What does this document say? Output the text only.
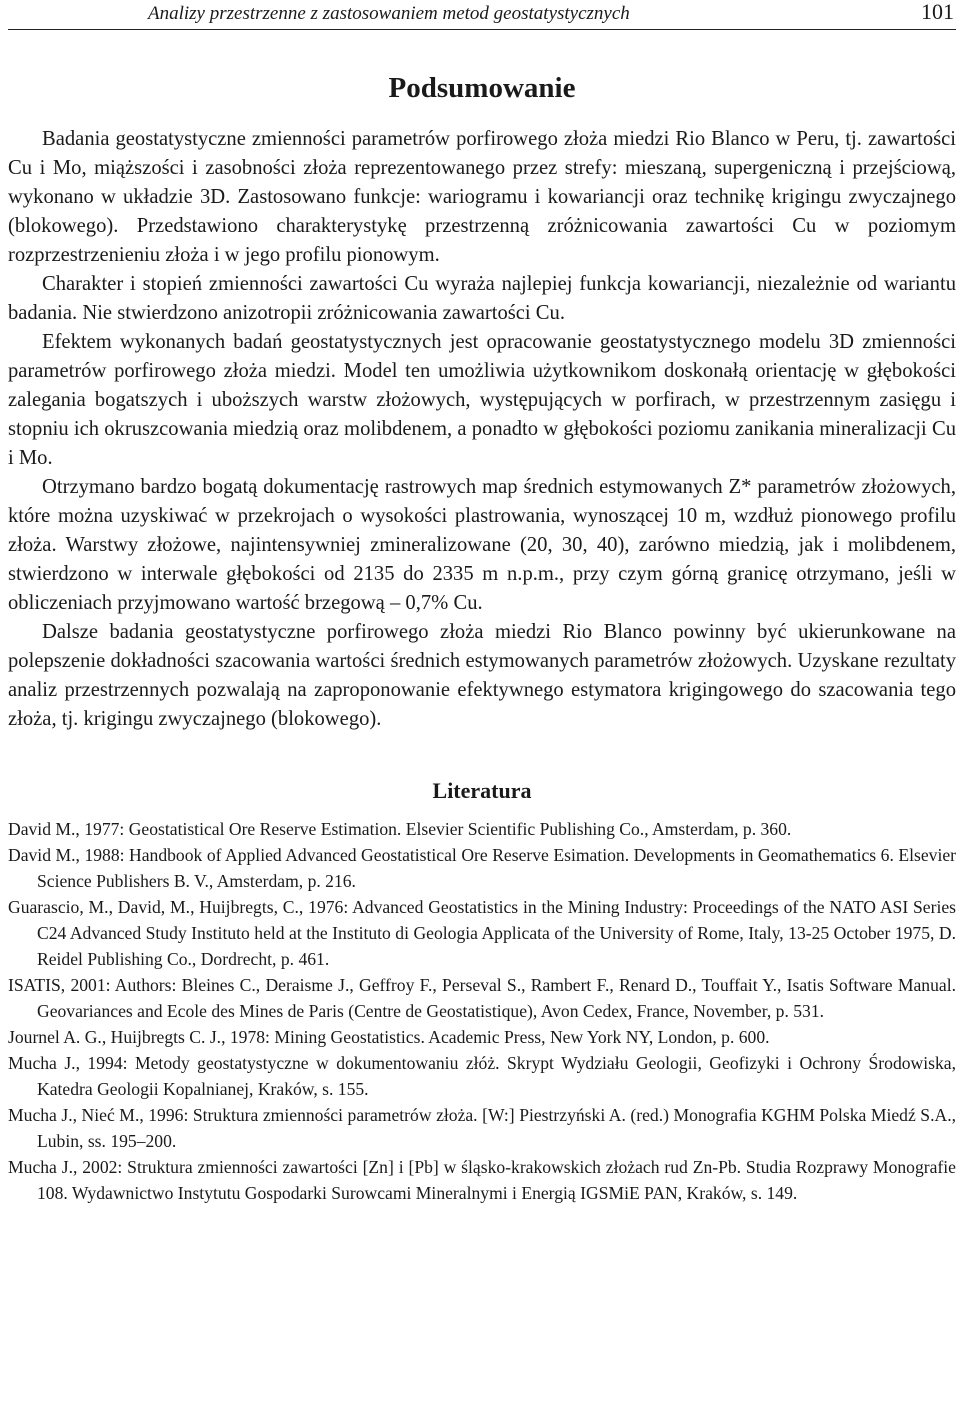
Analizy przestrzenne z zastosowaniem metod geostatystycznych	101
Podsumowanie

Badania geostatystyczne zmienności parametrów porfirowego złoża miedzi Rio Blanco w Peru, tj. zawartości Cu i Mo, miąższości i zasobności złoża reprezentowanego przez strefy: mieszaną, supergeniczną i przejściową, wykonano w układzie 3D. Zastosowano funkcje: wariogramu i kowariancji oraz technikę krigingu zwyczajnego (blokowego). Przedstawiono charakterystykę przestrzenną zróżnicowania zawartości Cu w poziomym rozprzestrzenieniu złoża i w jego profilu pionowym.

Charakter i stopień zmienności zawartości Cu wyraża najlepiej funkcja kowariancji, niezależnie od wariantu badania. Nie stwierdzono anizotropii zróżnicowania zawartości Cu.

Efektem wykonanych badań geostatystycznych jest opracowanie geostatystycznego modelu 3D zmienności parametrów porfirowego złoża miedzi. Model ten umożliwia użytkownikom doskonałą orientację w głębokości zalegania bogatszych i uboższych warstw złożowych, występujących w porfirach, w przestrzennym zasięgu i stopniu ich okruszcowania miedzią oraz molibdenem, a ponadto w głębokości poziomu zanikania mineralizacji Cu i Mo.

Otrzymano bardzo bogatą dokumentację rastrowych map średnich estymowanych Z* parametrów złożowych, które można uzyskiwać w przekrojach o wysokości plastrowania, wynoszącej 10 m, wzdłuż pionowego profilu złoża. Warstwy złożowe, najintensywniej zmineralizowane (20, 30, 40), zarówno miedzią, jak i molibdenem, stwierdzono w interwale głębokości od 2135 do 2335 m n.p.m., przy czym górną granicę otrzymano, jeśli w obliczeniach przyjmowano wartość brzegową – 0,7% Cu.

Dalsze badania geostatystyczne porfirowego złoża miedzi Rio Blanco powinny być ukierunkowane na polepszenie dokładności szacowania wartości średnich estymowanych parametrów złożowych. Uzyskane rezultaty analiz przestrzennych pozwalają na zaproponowanie efektywnego estymatora krigingowego do szacowania tego złoża, tj. krigingu zwyczajnego (blokowego).

Literatura

David M., 1977: Geostatistical Ore Reserve Estimation. Elsevier Scientific Publishing Co., Amsterdam, p. 360.

David M., 1988: Handbook of Applied Advanced Geostatistical Ore Reserve Esimation. Developments in Geomathematics 6. Elsevier Science Publishers B. V., Amsterdam, p. 216.

Guarascio, M., David, M., Huijbregts, C., 1976: Advanced Geostatistics in the Mining Industry: Proceedings of the NATO ASI Series C24 Advanced Study Instituto held at the Instituto di Geologia Applicata of the University of Rome, Italy, 13-25 October 1975, D. Reidel Publishing Co., Dordrecht, p. 461.

ISATIS, 2001: Authors: Bleines C., Deraisme J., Geffroy F., Perseval S., Rambert F., Renard D., Touffait Y., Isatis Software Manual. Geovariances and Ecole des Mines de Paris (Centre de Geostatistique), Avon Cedex, France, November, p. 531.

Journel A. G., Huijbregts C. J., 1978: Mining Geostatistics. Academic Press, New York NY, London, p. 600.

Mucha J., 1994: Metody geostatystyczne w dokumentowaniu złóż. Skrypt Wydziału Geologii, Geofizyki i Ochrony Środowiska, Katedra Geologii Kopalnianej, Kraków, s. 155.

Mucha J., Nieć M., 1996: Struktura zmienności parametrów złoża. [W:] Piestrzyński A. (red.) Monografia KGHM Polska Miedź S.A., Lubin, ss. 195–200.

Mucha J., 2002: Struktura zmienności zawartości [Zn] i [Pb] w śląsko-krakowskich złożach rud Zn-Pb. Studia Rozprawy Monografie 108. Wydawnictwo Instytutu Gospodarki Surowcami Mineralnymi i Energią IGSMiE PAN, Kraków, s. 149.
